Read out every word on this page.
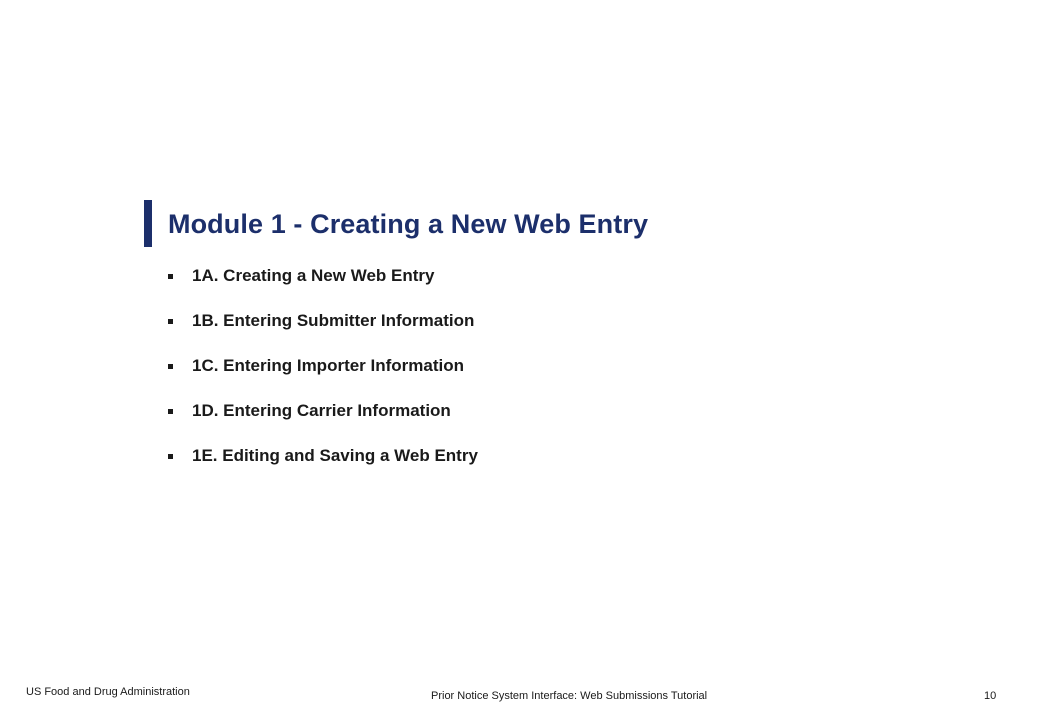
Module 1 - Creating a New Web Entry
1A. Creating a New Web Entry
1B. Entering Submitter Information
1C. Entering Importer Information
1D. Entering Carrier Information
1E. Editing and Saving a Web Entry
US Food and Drug Administration	Prior Notice System Interface: Web Submissions Tutorial	10
